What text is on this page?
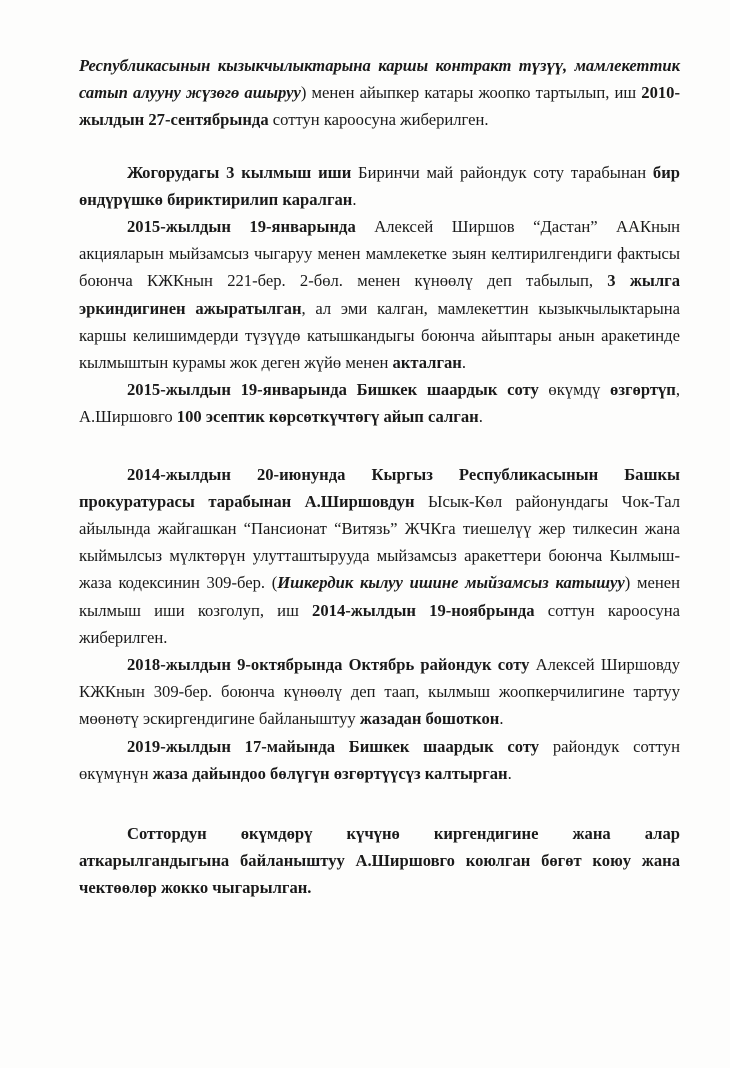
Республикасынын кызыкчылыктарына каршы контракт түзүү, мамлекеттик сатып алууну жүзөгө ашыруу) менен айыпкер катары жоопко тартылып, иш 2010-жылдын 27-сентябрында соттун кароосуна жиберилген.

Жогорудагы 3 кылмыш иши Биринчи май райондук соту тарабынан бир өндүрүшкө бириктирилип каралган.

2015-жылдын 19-январында Алексей Ширшов “Дастан” ААКнын акцияларын мыйзамсыз чыгаруу менен мамлекетке зыян келтирилгендиги фактысы боюнча КЖКнын 221-бер. 2-бөл. менен күнөөлү деп табылып, 3 жылга эркиндигинен ажыратылган, ал эми калган, мамлекеттин кызыкчылыктарына каршы келишимдерди түзүүдө катышкандыгы боюнча айыптары анын аракетинде кылмыштын курамы жок деген жүйө менен акталган.

2015-жылдын 19-январында Бишкек шаардык соту өкүмдү өзгөртүп, А.Ширшовго 100 эсептик көрсөткүчтөгү айып салган.

2014-жылдын 20-июнунда Кыргыз Республикасынын Башкы прокуратурасы тарабынан А.Ширшовдун Ысык-Көл районундагы Чок-Тал айылында жайгашкан “Пансионат “Витязь” ЖЧКга тиешелүү жер тилкесин жана кыймылсыз мүлктөрүн улутташтырууда мыйзамсыз аракеттери боюнча Кылмыш-жаза кодексинин 309-бер. (Ишкердик кылуу ишине мыйзамсыз катышуу) менен кылмыш иши козголуп, иш 2014-жылдын 19-ноябрында соттун кароосуна жиберилген.

2018-жылдын 9-октябрында Октябрь райондук соту Алексей Ширшовду КЖКнын 309-бер. боюнча күнөөлү деп таап, кылмыш жоопкерчилигине тартуу мөөнөтү эскиргендигине байланыштуу жазадан бошоткон.

2019-жылдын 17-майында Бишкек шаардык соту райондук соттун өкүмүнүн жаза дайындоо бөлүгүн өзгөртүүсүз калтырган.

Соттордун өкүмдөрү күчүнө киргендигине жана алар аткарылгандыгына байланыштуу А.Ширшовго коюлган бөгөт коюу жана чектөөлөр жокко чыгарылган.
